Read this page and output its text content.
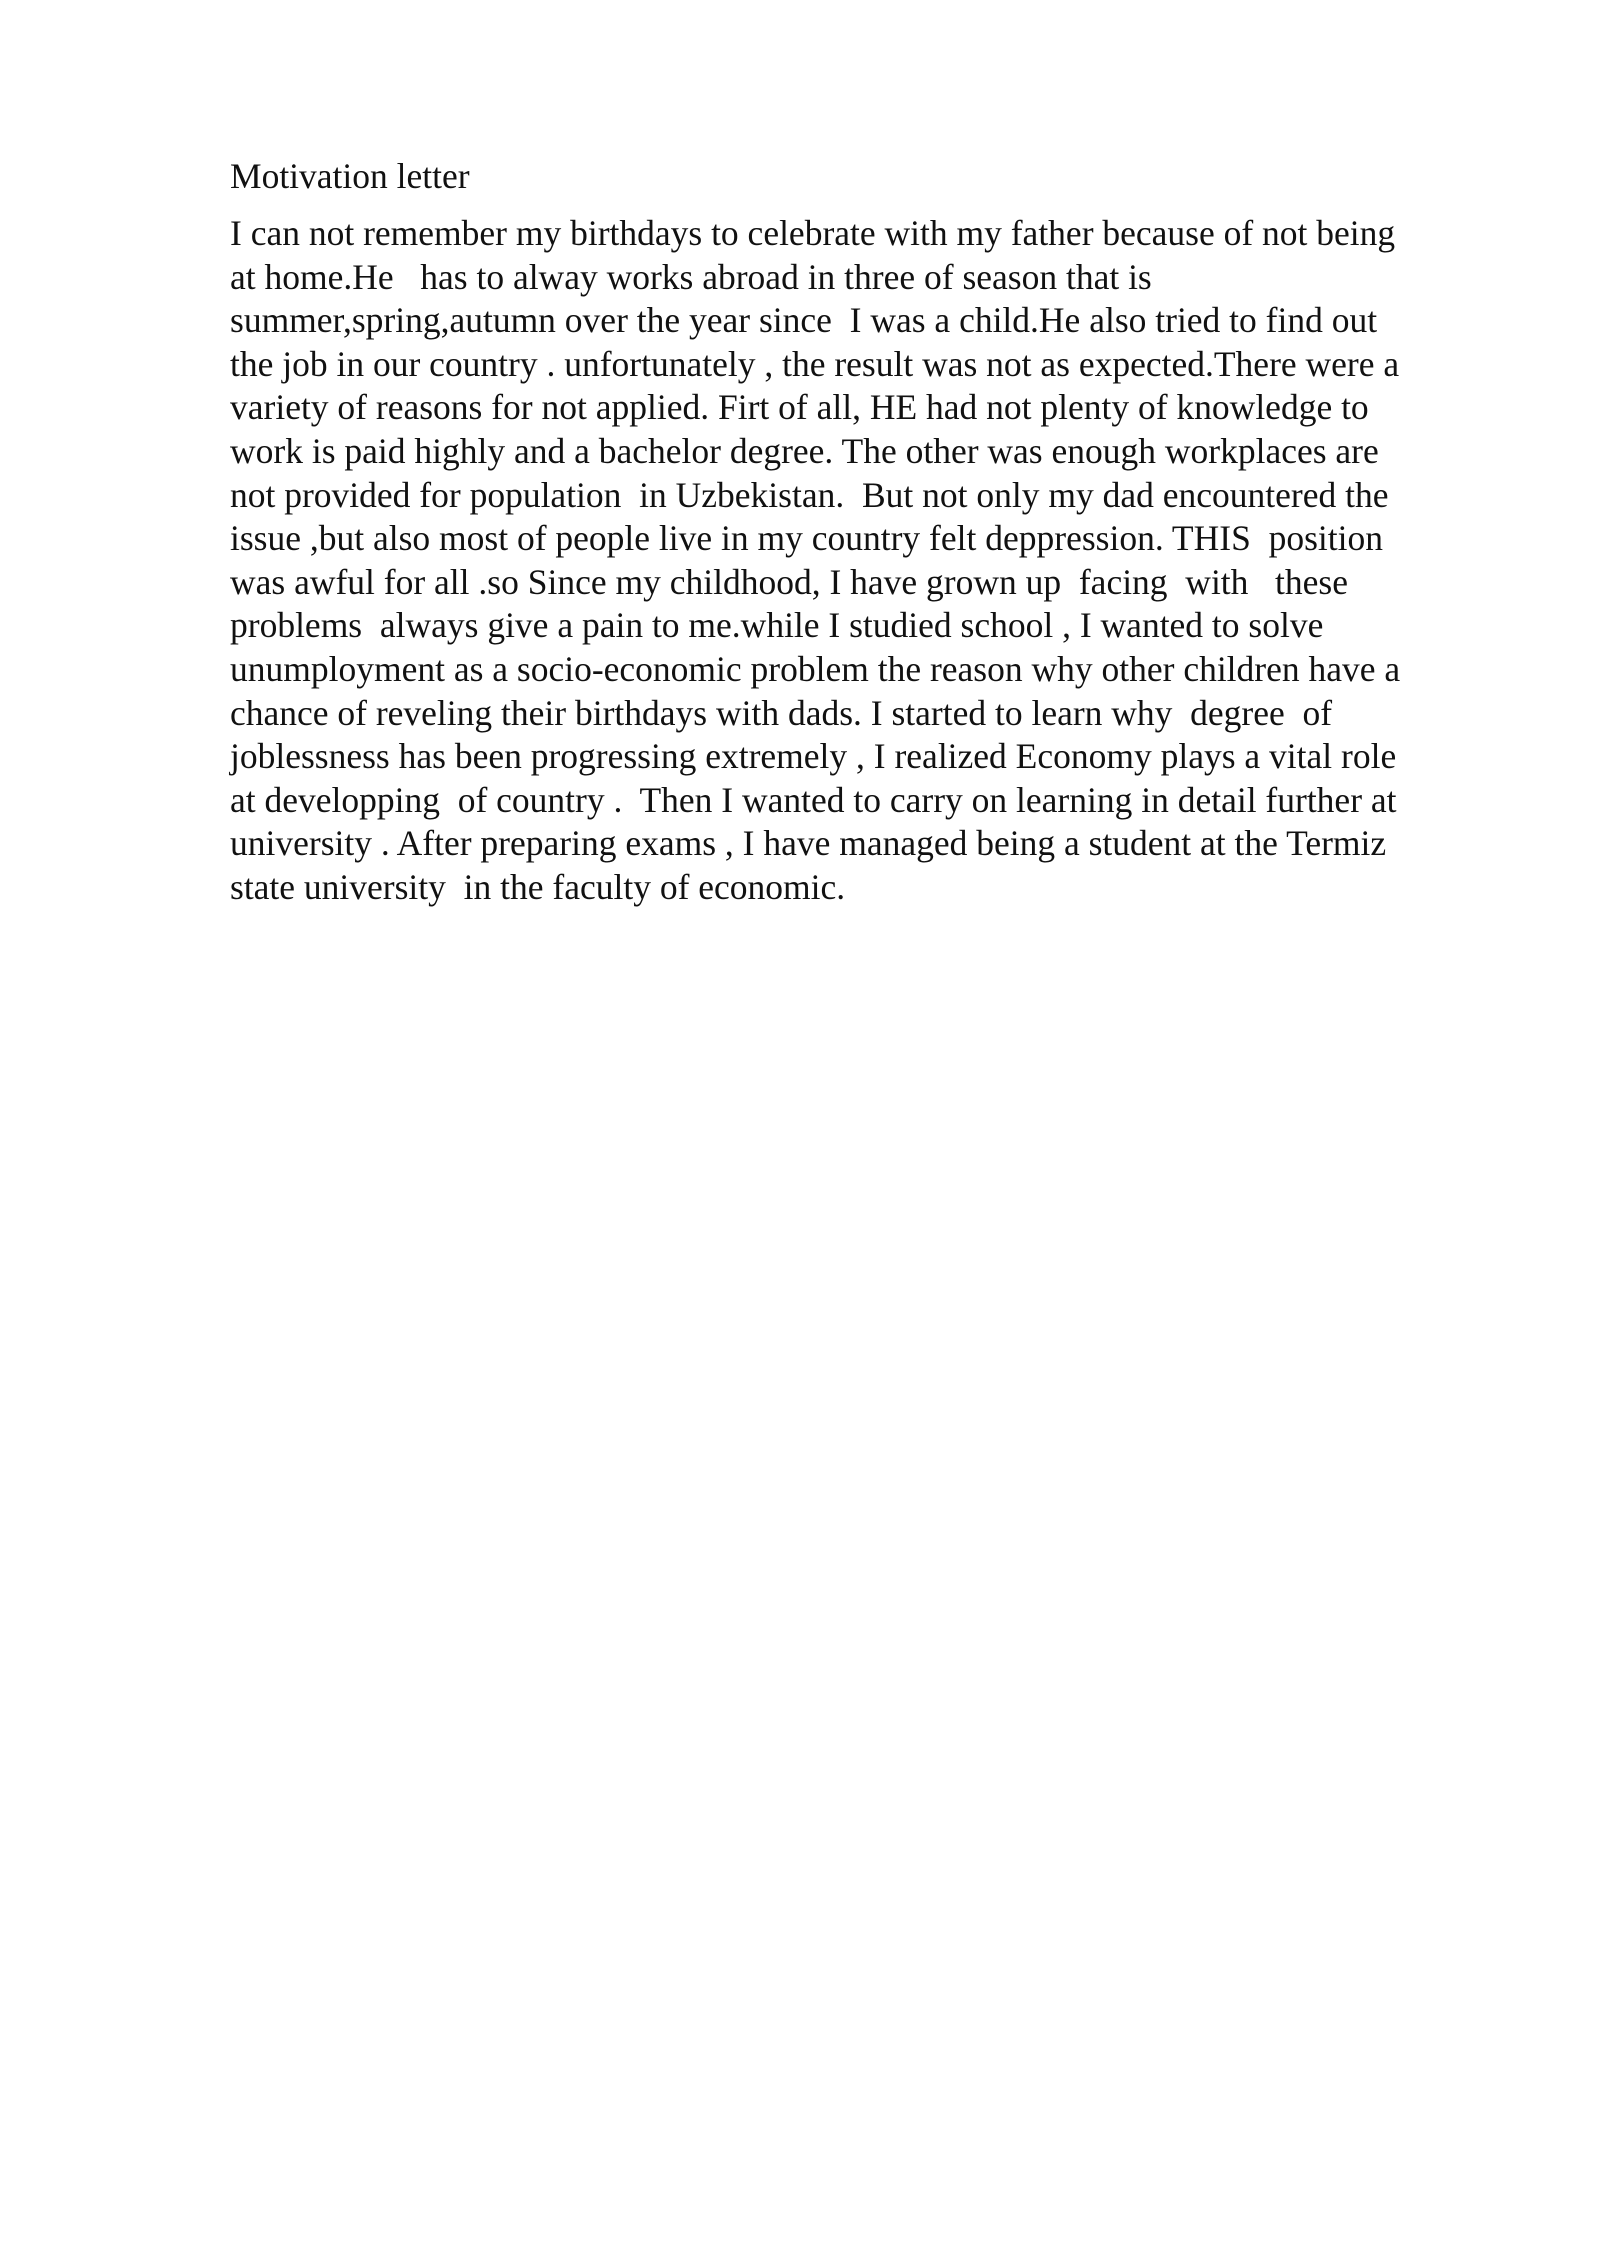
Motivation letter
I can not remember my birthdays to celebrate with my father because of not being
at home.He   has to alway works abroad in three of season that is
summer,spring,autumn over the year since  I was a child.He also tried to find out
the job in our country . unfortunately , the result was not as expected.There were a
variety of reasons for not applied. Firt of all, HE had not plenty of knowledge to
work is paid highly and a bachelor degree. The other was enough workplaces are
not provided for population  in Uzbekistan.  But not only my dad encountered the
issue ,but also most of people live in my country felt deppression. THIS  position
was awful for all .so Since my childhood, I have grown up  facing  with   these
problems  always give a pain to me.while I studied school , I wanted to solve
unumployment as a socio-economic problem the reason why other children have a
chance of reveling their birthdays with dads. I started to learn why  degree  of
joblessness has been progressing extremely , I realized Economy plays a vital role
at developping  of country .  Then I wanted to carry on learning in detail further at
university . After preparing exams , I have managed being a student at the Termiz
state university  in the faculty of economic.
